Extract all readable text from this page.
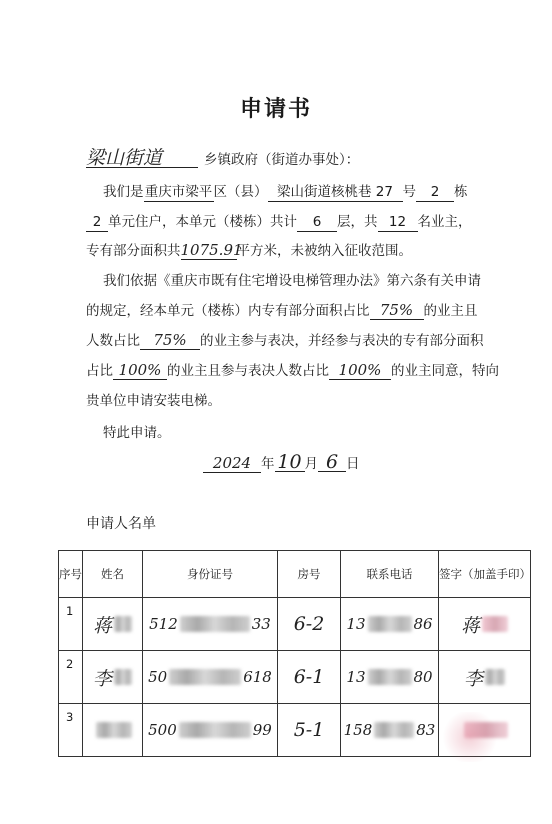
申请书
梁山街道	乡镇政府（街道办事处）：
我们是重庆市梁平区（县） 梁山街道核桃巷 27 号 2 栋
2 单元住户，本单元（楼栋）共计 6 层，共 12 名业主，
专有部分面积共1075.91平方米，未被纳入征收范围。
我们依据《重庆市既有住宅增设电梯管理办法》第六条有关申请
的规定，经本单元（楼栋）内专有部分面积占比 75% 的业主且
人数占比 75% 的业主参与表决，并经参与表决的专有部分面积
占比 100% 的业主且参与表决人数占比 100% 的业主同意，特向
贵单位申请安装电梯。
特此申请。
2024 年 10 月 6 日
申请人名单
序号	姓名	身份证号	房号	联系电话	签字（加盖手印）
1	蒋	512 33	6-2	13 86	蒋

2	李	50 618	6-1	13 80	李

3		500 99	5-1	158 83	
